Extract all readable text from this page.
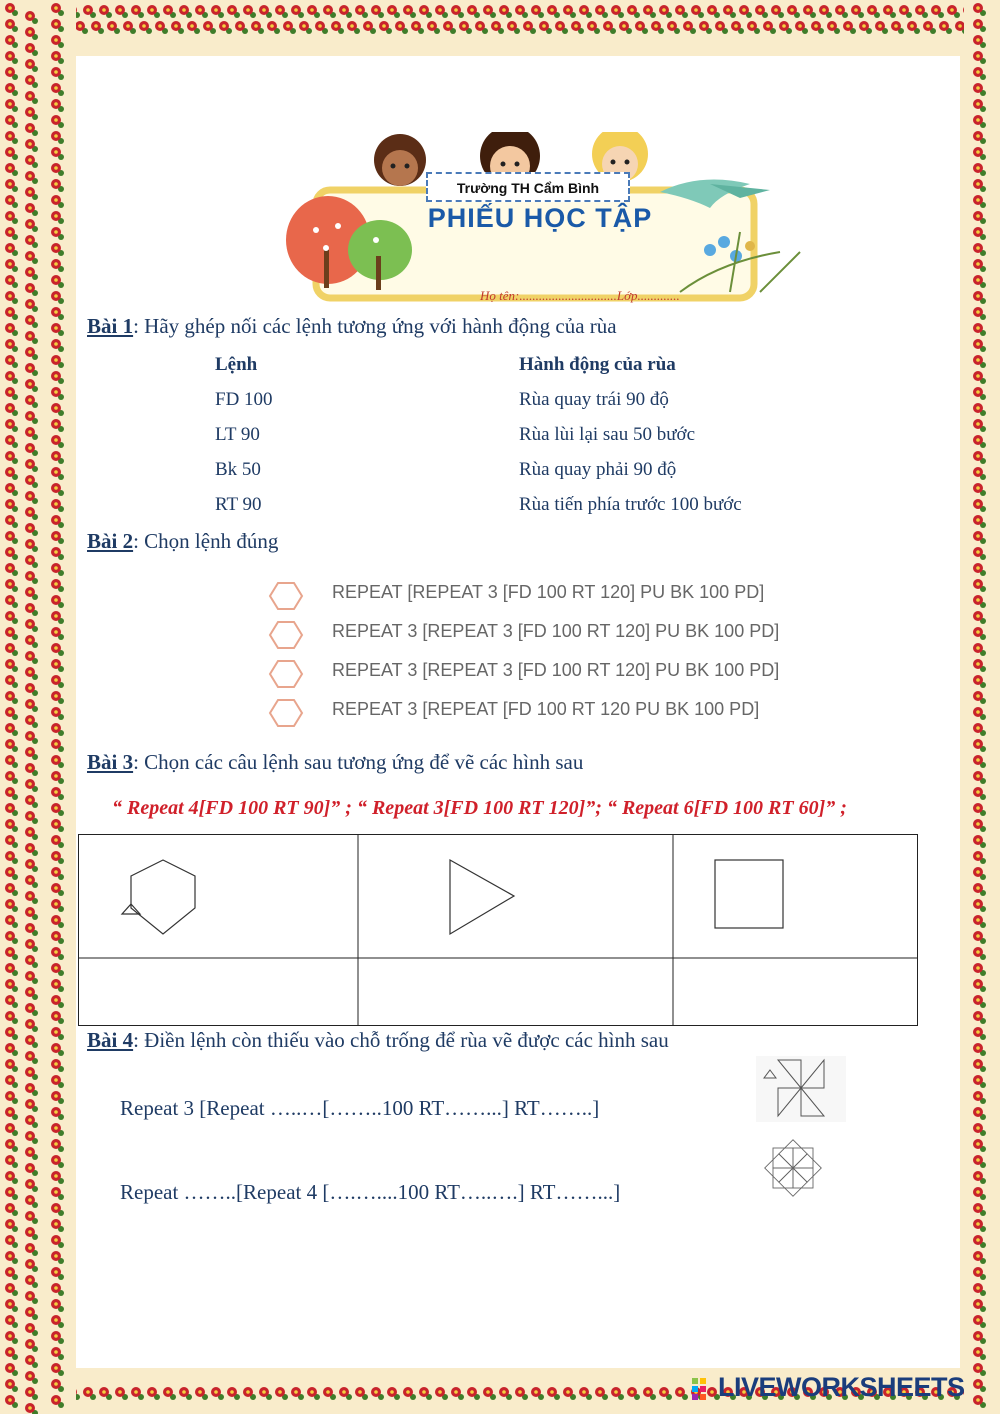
Trường TH Cẩm Bình
PHIẾU HỌC TẬP
Họ tên:..............................Lớp.............
Bài 1: Hãy ghép nối các lệnh tương ứng với hành động của rùa
Lệnh	Hành động của rùa
FD 100
LT 90
Bk 50
RT 90
Rùa quay trái 90 độ
Rùa lùi lại sau 50 bước
Rùa quay phải 90 độ
Rùa tiến phía trước 100 bước
Bài 2: Chọn lệnh đúng
REPEAT [REPEAT 3 [FD 100 RT 120] PU BK 100 PD]
REPEAT 3 [REPEAT 3 [FD 100 RT 120] PU BK 100 PD]
REPEAT 3 [REPEAT 3 [FD 100 RT 120] PU BK 100 PD]
REPEAT 3 [REPEAT [FD 100 RT 120 PU BK 100 PD]
Bài 3: Chọn các câu lệnh sau tương ứng để vẽ các hình sau
“ Repeat 4[FD 100 RT 90]” ; “ Repeat 3[FD 100 RT 120]”; “ Repeat 6[FD 100 RT 60]” ;
Bài 4: Điền lệnh còn thiếu vào chỗ trống để rùa vẽ được các hình sau
Repeat 3 [Repeat …..…[……..100 RT……...] RT……..]
Repeat ……..[Repeat 4 [….…....100 RT…..….] RT……...]
LIVEWORKSHEETS
